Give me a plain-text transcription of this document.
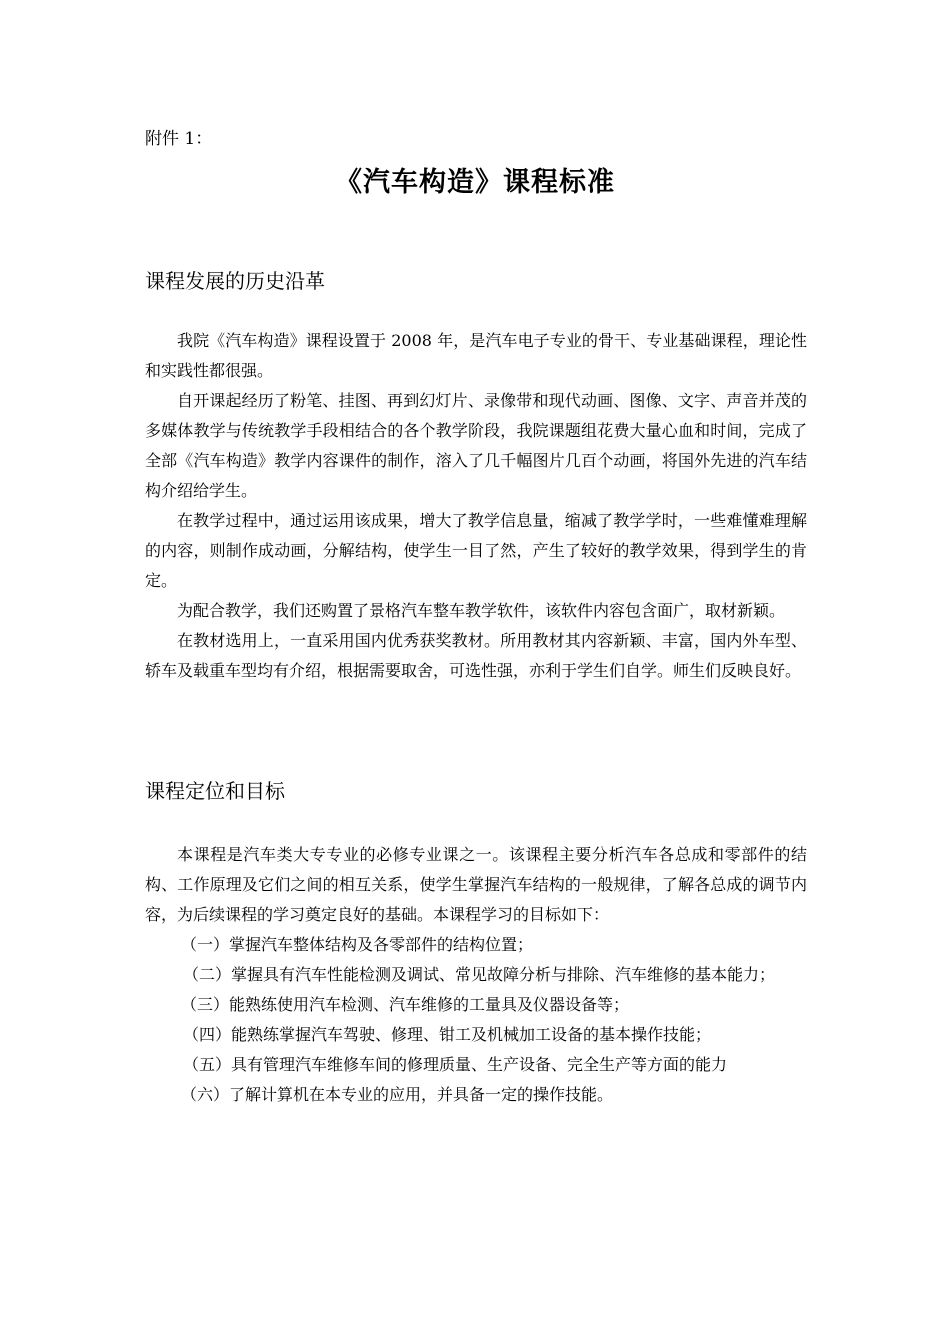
附件 1：
《汽车构造》课程标准
课程发展的历史沿革

我院《汽车构造》课程设置于 2008 年，是汽车电子专业的骨干、专业基础课程，理论性和实践性都很强。

自开课起经历了粉笔、挂图、再到幻灯片、录像带和现代动画、图像、文字、声音并茂的多媒体教学与传统教学手段相结合的各个教学阶段，我院课题组花费大量心血和时间，完成了全部《汽车构造》教学内容课件的制作，溶入了几千幅图片几百个动画，将国外先进的汽车结构介绍给学生。

在教学过程中，通过运用该成果，增大了教学信息量，缩减了教学学时，一些难懂难理解的内容，则制作成动画，分解结构，使学生一目了然，产生了较好的教学效果，得到学生的肯定。

为配合教学，我们还购置了景格汽车整车教学软件，该软件内容包含面广，取材新颖。

在教材选用上，一直采用国内优秀获奖教材。所用教材其内容新颖、丰富，国内外车型、轿车及载重车型均有介绍，根据需要取舍，可选性强，亦利于学生们自学。师生们反映良好。

课程定位和目标

本课程是汽车类大专专业的必修专业课之一。该课程主要分析汽车各总成和零部件的结构、工作原理及它们之间的相互关系，使学生掌握汽车结构的一般规律，了解各总成的调节内容，为后续课程的学习奠定良好的基础。本课程学习的目标如下：

（一）掌握汽车整体结构及各零部件的结构位置；

（二）掌握具有汽车性能检测及调试、常见故障分析与排除、汽车维修的基本能力；

（三）能熟练使用汽车检测、汽车维修的工量具及仪器设备等；

（四）能熟练掌握汽车驾驶、修理、钳工及机械加工设备的基本操作技能；

（五）具有管理汽车维修车间的修理质量、生产设备、完全生产等方面的能力

（六）了解计算机在本专业的应用，并具备一定的操作技能。
